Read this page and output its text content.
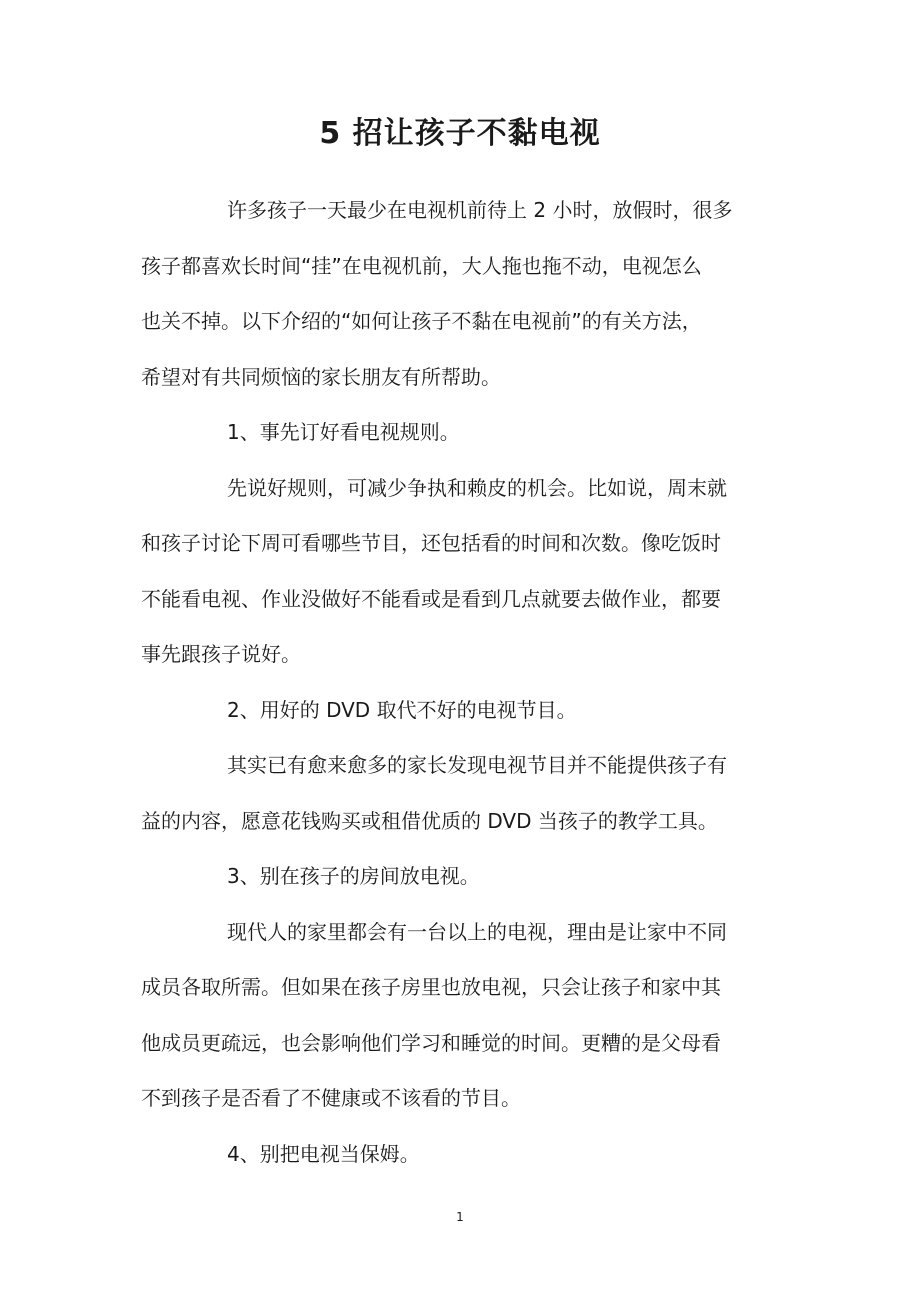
5 招让孩子不黏电视
许多孩子一天最少在电视机前待上 2 小时，放假时，很多
孩子都喜欢长时间“挂”在电视机前，大人拖也拖不动，电视怎么
也关不掉。以下介绍的“如何让孩子不黏在电视前”的有关方法，
希望对有共同烦恼的家长朋友有所帮助。
1、事先订好看电视规则。
先说好规则，可减少争执和赖皮的机会。比如说，周末就
和孩子讨论下周可看哪些节目，还包括看的时间和次数。像吃饭时
不能看电视、作业没做好不能看或是看到几点就要去做作业，都要
事先跟孩子说好。
2、用好的 DVD 取代不好的电视节目。
其实已有愈来愈多的家长发现电视节目并不能提供孩子有
益的内容，愿意花钱购买或租借优质的 DVD 当孩子的教学工具。
3、别在孩子的房间放电视。
现代人的家里都会有一台以上的电视，理由是让家中不同
成员各取所需。但如果在孩子房里也放电视，只会让孩子和家中其
他成员更疏远，也会影响他们学习和睡觉的时间。更糟的是父母看
不到孩子是否看了不健康或不该看的节目。
4、别把电视当保姆。
1
